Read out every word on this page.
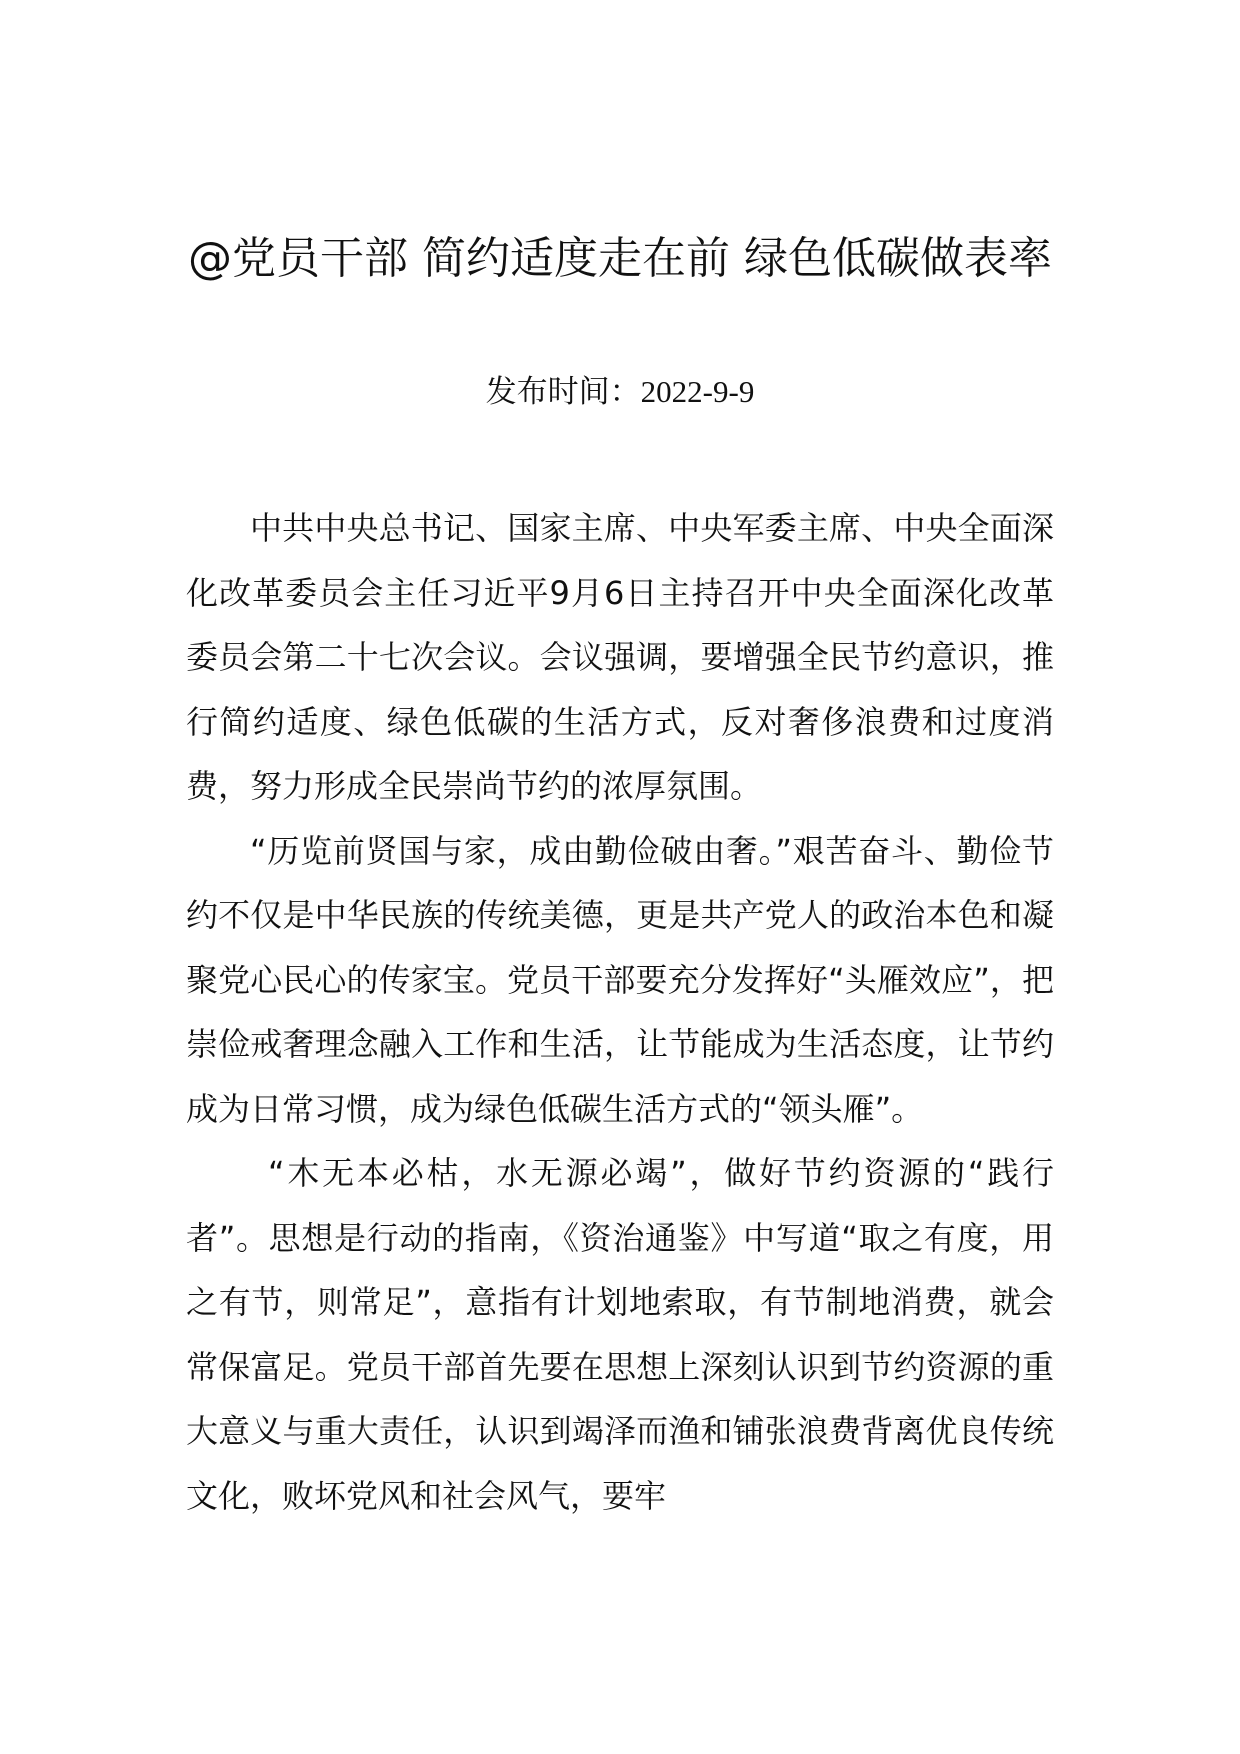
@党员干部 简约适度走在前 绿色低碳做表率
发布时间：2022-9-9

中共中央总书记、国家主席、中央军委主席、中央全面深化改革委员会主任习近平9月6日主持召开中央全面深化改革委员会第二十七次会议。会议强调，要增强全民节约意识，推行简约适度、绿色低碳的生活方式，反对奢侈浪费和过度消费，努力形成全民崇尚节约的浓厚氛围。

“历览前贤国与家，成由勤俭破由奢。”艰苦奋斗、勤俭节约不仅是中华民族的传统美德，更是共产党人的政治本色和凝聚党心民心的传家宝。党员干部要充分发挥好“头雁效应”，把崇俭戒奢理念融入工作和生活，让节能成为生活态度，让节约成为日常习惯，成为绿色低碳生活方式的“领头雁”。

“木无本必枯，水无源必竭”，做好节约资源的“践行者”。思想是行动的指南，《资治通鉴》中写道“取之有度，用之有节，则常足”，意指有计划地索取，有节制地消费，就会常保富足。党员干部首先要在思想上深刻认识到节约资源的重大意义与重大责任，认识到竭泽而渔和铺张浪费背离优良传统文化，败坏党风和社会风气，要牢
